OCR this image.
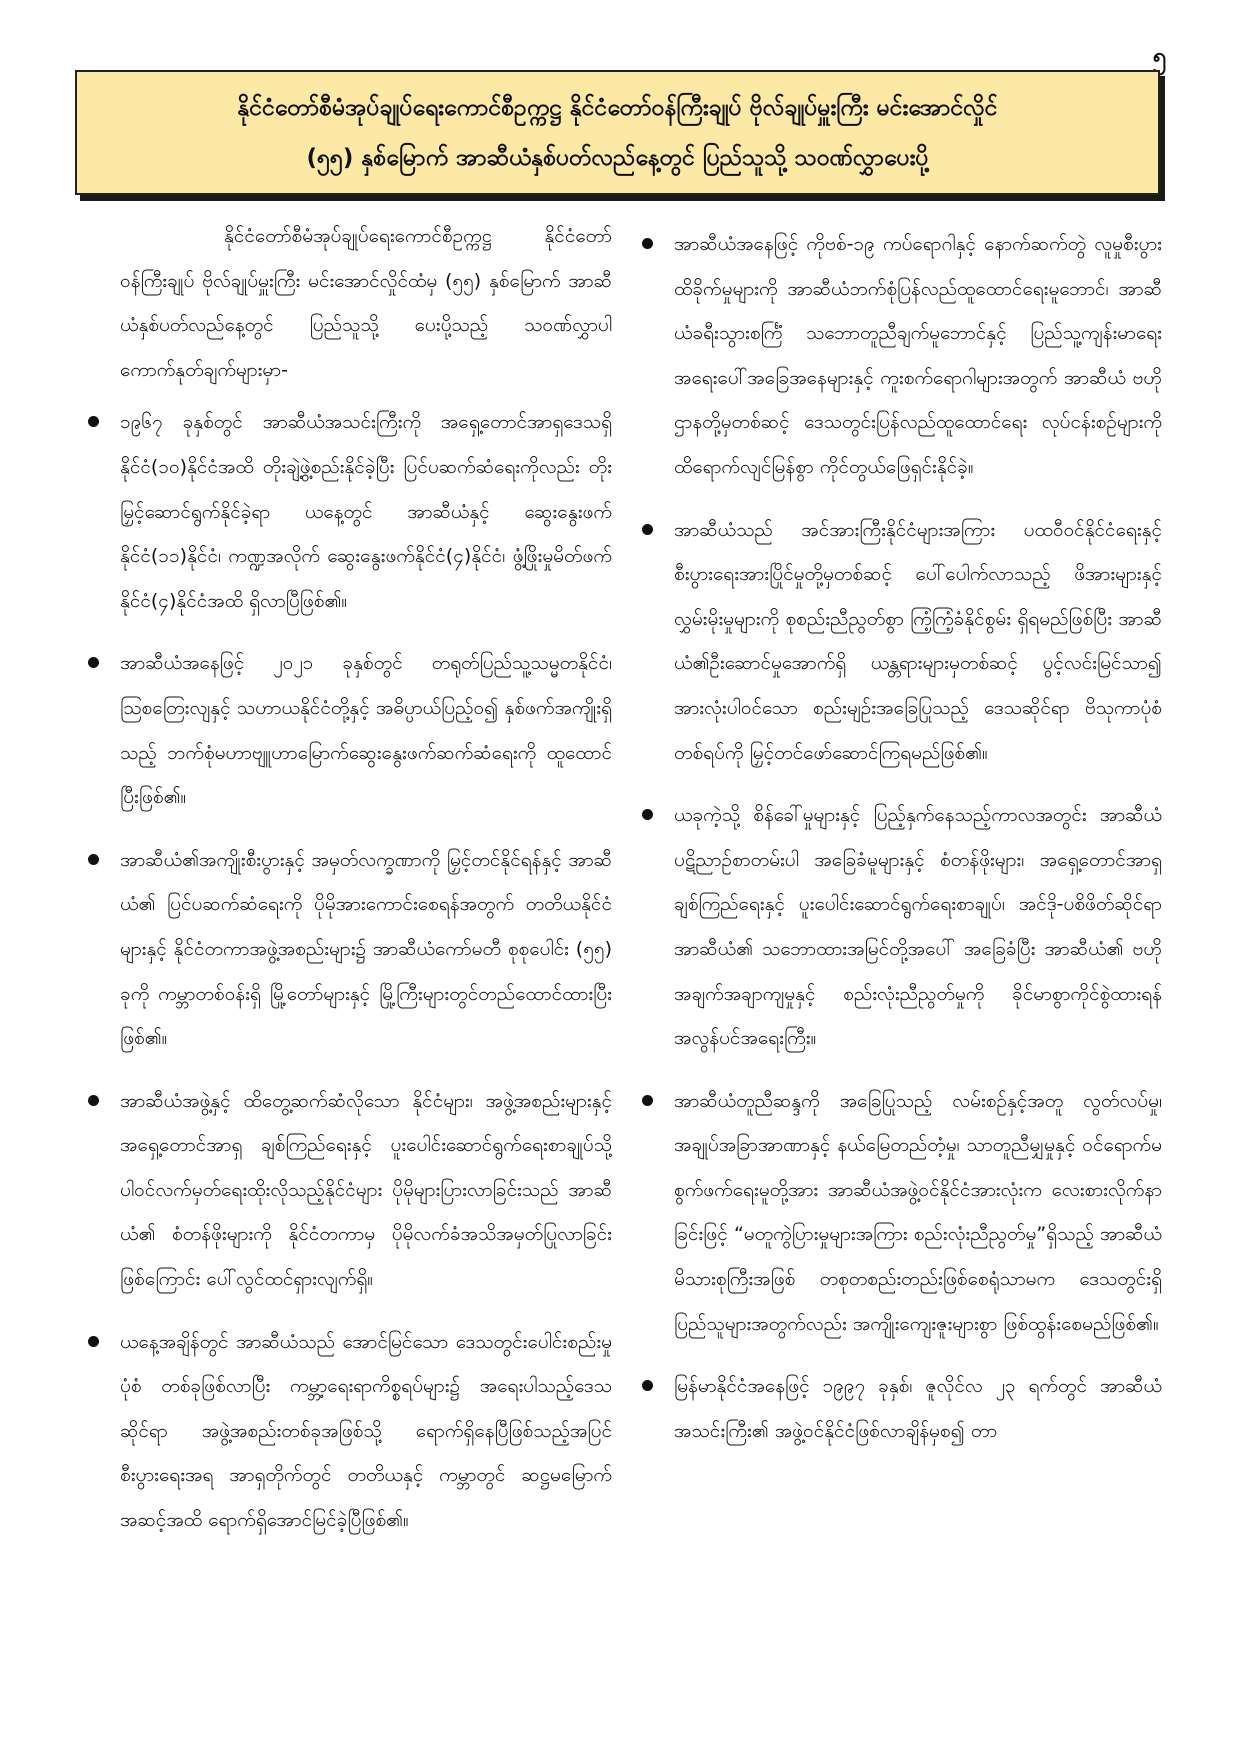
၅
နိုင်ငံတော်စီမံအုပ်ချုပ်ရေးကောင်စီဥက္ကဋ္ဌ နိုင်ငံတော်ဝန်ကြီးချုပ် ဗိုလ်ချုပ်မှူးကြီး မင်းအောင်လှိုင်
(၅၅) နှစ်မြောက် အာဆီယံနှစ်ပတ်လည်နေ့တွင် ပြည်သူသို့ သဝဏ်လွှာပေးပို့

နိုင်ငံတော်စီမံအုပ်ချုပ်ရေးကောင်စီဥက္ကဋ္ဌ နိုင်ငံတော်ဝန်ကြီးချုပ် ဗိုလ်ချုပ်မှူးကြီး မင်းအောင်လှိုင်ထံမှ (၅၅) နှစ်မြောက် အာဆီယံနှစ်ပတ်လည်နေ့တွင် ပြည်သူသို့ ပေးပို့သည့် သဝဏ်လွှာပါကောက်နုတ်ချက်များမှာ-

၁၉၆၇ ခုနှစ်တွင် အာဆီယံအသင်းကြီးကို အရှေ့တောင်အာရှဒေသရှိ နိုင်ငံ(၁၀)နိုင်ငံအထိ တိုးချဲ့ဖွဲ့စည်းနိုင်ခဲ့ပြီး ပြင်ပဆက်ဆံရေးကိုလည်း တိုးမြှင့်ဆောင်ရွက်နိုင်ခဲ့ရာ ယနေ့တွင် အာဆီယံနှင့် ဆွေးနွေးဖက်နိုင်ငံ(၁၁)နိုင်ငံ၊ ကဏ္ဍအလိုက် ဆွေးနွေးဖက်နိုင်ငံ(၄)နိုင်ငံ၊ ဖွံ့ဖြိုးမှုမိတ်ဖက်နိုင်ငံ(၄)နိုင်ငံအထိ ရှိလာပြီဖြစ်၏။
အာဆီယံအနေဖြင့် ၂၀၂၁ ခုနှစ်တွင် တရုတ်ပြည်သူ့သမ္မတနိုင်ငံ၊ ဩစတြေးလျနှင့် သဟာယနိုင်ငံတို့နှင့် အဓိပ္ပာယ်ပြည့်ဝ၍ နှစ်ဖက်အကျိုးရှိသည့် ဘက်စုံမဟာဗျူဟာမြောက်ဆွေးနွေးဖက်ဆက်ဆံရေးကို ထူထောင်ပြီးဖြစ်၏။
အာဆီယံ၏အကျိုးစီးပွားနှင့် အမှတ်လက္ခဏာကို မြှင့်တင်နိုင်ရန်နှင့် အာဆီယံ၏ ပြင်ပဆက်ဆံရေးကို ပိုမိုအားကောင်းစေရန်အတွက် တတိယနိုင်ငံများနှင့် နိုင်ငံတကာအဖွဲ့အစည်းများ၌ အာဆီယံကော်မတီ စုစုပေါင်း (၅၅) ခုကို ကမ္ဘာတစ်ဝန်းရှိ မြို့တော်များနှင့် မြို့ကြီးများတွင်တည်ထောင်ထားပြီးဖြစ်၏။
အာဆီယံအဖွဲ့နှင့် ထိတွေ့ဆက်ဆံလိုသော နိုင်ငံများ၊ အဖွဲ့အစည်းများနှင့် အရှေ့တောင်အာရှ ချစ်ကြည်ရေးနှင့် ပူးပေါင်းဆောင်ရွက်ရေးစာချုပ်သို့ ပါဝင်လက်မှတ်ရေးထိုးလိုသည့်နိုင်ငံများ ပိုမိုများပြားလာခြင်းသည် အာဆီယံ၏ စံတန်ဖိုးများကို နိုင်ငံတကာမှ ပိုမိုလက်ခံအသိအမှတ်ပြုလာခြင်းဖြစ်ကြောင်း ပေါ်လွင်ထင်ရှားလျက်ရှိ။
ယနေ့အချိန်တွင် အာဆီယံသည် အောင်မြင်သော ဒေသတွင်းပေါင်းစည်းမှုပုံစံ တစ်ခုဖြစ်လာပြီး ကမ္ဘာ့ရေးရာကိစ္စရပ်များ၌ အရေးပါသည့်ဒေသဆိုင်ရာ အဖွဲ့အစည်းတစ်ခုအဖြစ်သို့ ရောက်ရှိနေပြီဖြစ်သည့်အပြင် စီးပွားရေးအရ အာရှတိုက်တွင် တတိယနှင့် ကမ္ဘာတွင် ဆဋ္ဌမမြောက်အဆင့်အထိ ရောက်ရှိအောင်မြင်ခဲ့ပြီဖြစ်၏။
အာဆီယံအနေဖြင့် ကိုဗစ်-၁၉ ကပ်ရောဂါနှင့် နောက်ဆက်တွဲ လူမှုစီးပွားထိခိုက်မှုများကို အာဆီယံဘက်စုံပြန်လည်ထူထောင်ရေးမူဘောင်၊ အာဆီယံခရီးသွားစင်္ကြံ သဘောတူညီချက်မူဘောင်နှင့် ပြည်သူ့ကျန်းမာရေး အရေးပေါ်အခြေအနေများနှင့် ကူးစက်ရောဂါများအတွက် အာဆီယံ ဗဟိုဌာနတို့မှတစ်ဆင့် ဒေသတွင်းပြန်လည်ထူထောင်ရေး လုပ်ငန်းစဉ်များကို ထိရောက်လျင်မြန်စွာ ကိုင်တွယ်ဖြေရှင်းနိုင်ခဲ့။
အာဆီယံသည် အင်အားကြီးနိုင်ငံများအကြား ပထဝီဝင်နိုင်ငံရေးနှင့် စီးပွားရေးအားပြိုင်မှုတို့မှတစ်ဆင့် ပေါ်ပေါက်လာသည့် ဖိအားများနှင့် လွှမ်းမိုးမှုများကို စုစည်းညီညွတ်စွာ ကြံ့ကြံ့ခံနိုင်စွမ်း ရှိရမည်ဖြစ်ပြီး အာဆီယံ၏ဦးဆောင်မှုအောက်ရှိ ယန္တရားများမှတစ်ဆင့် ပွင့်လင်းမြင်သာ၍ အားလုံးပါဝင်သော စည်းမျဉ်းအခြေပြုသည့် ဒေသဆိုင်ရာ ဗိသုကာပုံစံတစ်ရပ်ကို မြှင့်တင်ဖော်ဆောင်ကြရမည်ဖြစ်၏။
ယခုကဲ့သို့ စိန်ခေါ်မှုများနှင့် ပြည့်နှက်နေသည့်ကာလအတွင်း အာဆီယံပဋိညာဉ်စာတမ်းပါ အခြေခံမူများနှင့် စံတန်ဖိုးများ၊ အရှေ့တောင်အာရှ ချစ်ကြည်ရေးနှင့် ပူးပေါင်းဆောင်ရွက်ရေးစာချုပ်၊ အင်ဒို-ပစိဖိတ်ဆိုင်ရာ အာဆီယံ၏ သဘောထားအမြင်တို့အပေါ် အခြေခံပြီး အာဆီယံ၏ ဗဟိုအချက်အချာကျမှုနှင့် စည်းလုံးညီညွတ်မှုကို ခိုင်မာစွာကိုင်စွဲထားရန် အလွန်ပင်အရေးကြီး။
အာဆီယံတူညီဆန္ဒကို အခြေပြုသည့် လမ်းစဉ်နှင့်အတူ လွတ်လပ်မှု၊ အချုပ်အခြာအာဏာနှင့် နယ်မြေတည်တံ့မှု၊ သာတူညီမျှမှုနှင့် ဝင်ရောက်မစွက်ဖက်ရေးမူတို့အား အာဆီယံအဖွဲ့ဝင်နိုင်ငံအားလုံးက လေးစားလိုက်နာခြင်းဖြင့် “မတူကွဲပြားမှုများအကြား စည်းလုံးညီညွတ်မှု”ရှိသည့် အာဆီယံမိသားစုကြီးအဖြစ် တစုတစည်းတည်းဖြစ်စေရုံသာမက ဒေသတွင်းရှိ ပြည်သူများအတွက်လည်း အကျိုးကျေးဇူးများစွာ ဖြစ်ထွန်းစေမည်ဖြစ်၏။
မြန်မာနိုင်ငံအနေဖြင့် ၁၉၉၇ ခုနှစ်၊ ဇူလိုင်လ ၂၃ ရက်တွင် အာဆီယံအသင်းကြီး၏ အဖွဲ့ဝင်နိုင်ငံဖြစ်လာချိန်မှစ၍ တာ
